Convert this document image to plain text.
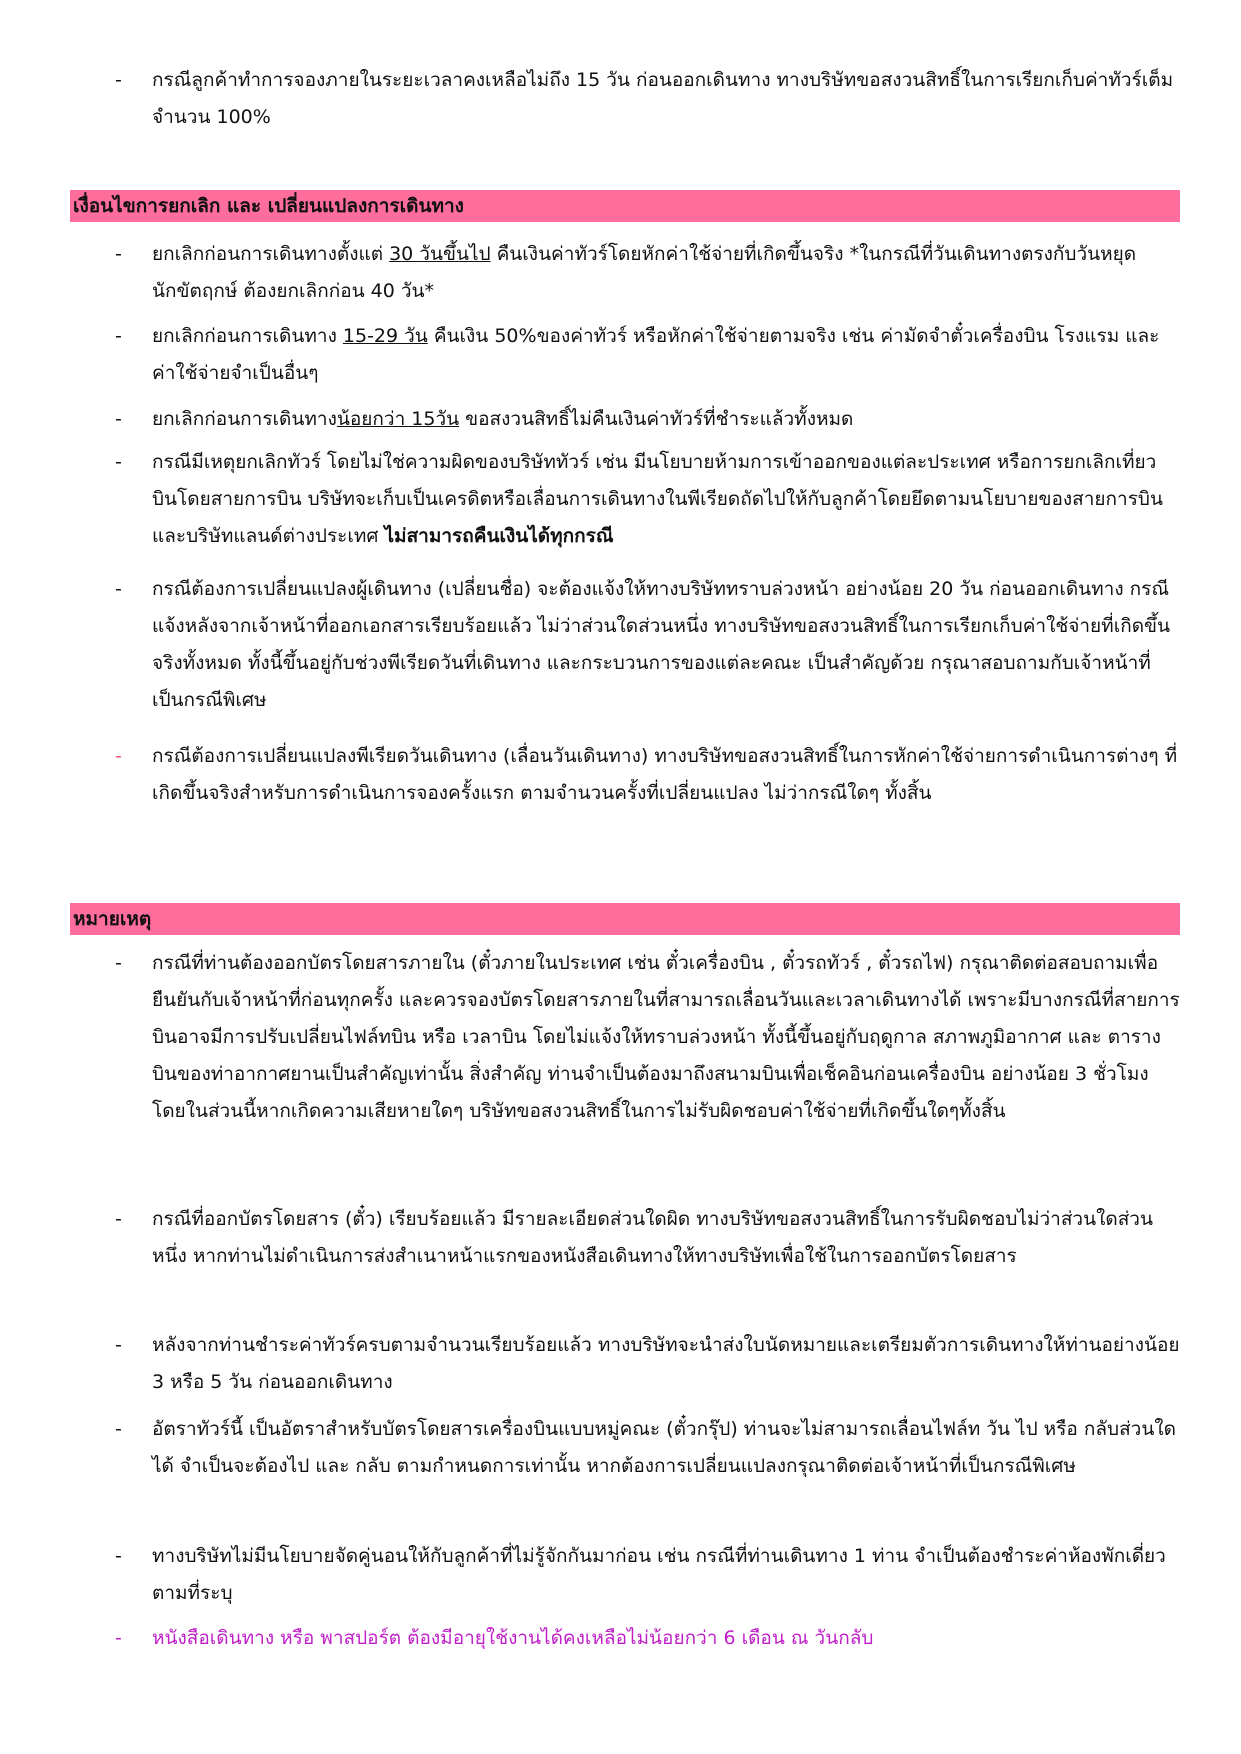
-	กรณีลูกค้าทำการจองภายในระยะเวลาคงเหลือไม่ถึง 15 วัน ก่อนออกเดินทาง ทางบริษัทขอสงวนสิทธิ์ในการเรียกเก็บค่าทัวร์เต็มจำนวน 100%
เงื่อนไขการยกเลิก และ เปลี่ยนแปลงการเดินทาง
-	ยกเลิกก่อนการเดินทางตั้งแต่ 30 วันขึ้นไป คืนเงินค่าทัวร์โดยหักค่าใช้จ่ายที่เกิดขึ้นจริง *ในกรณีที่วันเดินทางตรงกับวันหยุดนักขัตฤกษ์ ต้องยกเลิกก่อน 40 วัน*
-	ยกเลิกก่อนการเดินทาง 15-29 วัน คืนเงิน 50%ของค่าทัวร์ หรือหักค่าใช้จ่ายตามจริง เช่น ค่ามัดจำตั๋วเครื่องบิน โรงแรม และค่าใช้จ่ายจำเป็นอื่นๆ
-	ยกเลิกก่อนการเดินทางน้อยกว่า 15วัน ขอสงวนสิทธิ์ไม่คืนเงินค่าทัวร์ที่ชำระแล้วทั้งหมด
-	กรณีมีเหตุยกเลิกทัวร์ โดยไม่ใช่ความผิดของบริษัททัวร์ เช่น มีนโยบายห้ามการเข้าออกของแต่ละประเทศ หรือการยกเลิกเที่ยวบินโดยสายการบิน บริษัทจะเก็บเป็นเครดิตหรือเลื่อนการเดินทางในพีเรียดถัดไปให้กับลูกค้าโดยยึดตามนโยบายของสายการบินและบริษัทแลนด์ต่างประเทศ ไม่สามารถคืนเงินได้ทุกกรณี
-	กรณีต้องการเปลี่ยนแปลงผู้เดินทาง (เปลี่ยนชื่อ) จะต้องแจ้งให้ทางบริษัททราบล่วงหน้า อย่างน้อย 20 วัน ก่อนออกเดินทาง กรณีแจ้งหลังจากเจ้าหน้าที่ออกเอกสารเรียบร้อยแล้ว ไม่ว่าส่วนใดส่วนหนึ่ง ทางบริษัทขอสงวนสิทธิ์ในการเรียกเก็บค่าใช้จ่ายที่เกิดขึ้นจริงทั้งหมด ทั้งนี้ขึ้นอยู่กับช่วงพีเรียดวันที่เดินทาง และกระบวนการของแต่ละคณะ เป็นสำคัญด้วย กรุณาสอบถามกับเจ้าหน้าที่เป็นกรณีพิเศษ
-	กรณีต้องการเปลี่ยนแปลงพีเรียดวันเดินทาง (เลื่อนวันเดินทาง) ทางบริษัทขอสงวนสิทธิ์ในการหักค่าใช้จ่ายการดำเนินการต่างๆ ที่เกิดขึ้นจริงสำหรับการดำเนินการจองครั้งแรก ตามจำนวนครั้งที่เปลี่ยนแปลง ไม่ว่ากรณีใดๆ ทั้งสิ้น
หมายเหตุ
-	กรณีที่ท่านต้องออกบัตรโดยสารภายใน (ตั๋วภายในประเทศ เช่น ตั๋วเครื่องบิน , ตั๋วรถทัวร์ , ตั๋วรถไฟ) กรุณาติดต่อสอบถามเพื่อยืนยันกับเจ้าหน้าที่ก่อนทุกครั้ง และควรจองบัตรโดยสารภายในที่สามารถเลื่อนวันและเวลาเดินทางได้ เพราะมีบางกรณีที่สายการบินอาจมีการปรับเปลี่ยนไฟล์ทบิน หรือ เวลาบิน โดยไม่แจ้งให้ทราบล่วงหน้า ทั้งนี้ขึ้นอยู่กับฤดูกาล สภาพภูมิอากาศ และ ตารางบินของท่าอากาศยานเป็นสำคัญเท่านั้น สิ่งสำคัญ ท่านจำเป็นต้องมาถึงสนามบินเพื่อเช็คอินก่อนเครื่องบิน อย่างน้อย 3 ชั่วโมง โดยในส่วนนี้หากเกิดความเสียหายใดๆ บริษัทขอสงวนสิทธิ์ในการไม่รับผิดชอบค่าใช้จ่ายที่เกิดขึ้นใดๆทั้งสิ้น
-	กรณีที่ออกบัตรโดยสาร (ตั๋ว) เรียบร้อยแล้ว มีรายละเอียดส่วนใดผิด ทางบริษัทขอสงวนสิทธิ์ในการรับผิดชอบไม่ว่าส่วนใดส่วนหนึ่ง หากท่านไม่ดำเนินการส่งสำเนาหน้าแรกของหนังสือเดินทางให้ทางบริษัทเพื่อใช้ในการออกบัตรโดยสาร
-	หลังจากท่านชำระค่าทัวร์ครบตามจำนวนเรียบร้อยแล้ว ทางบริษัทจะนำส่งใบนัดหมายและเตรียมตัวการเดินทางให้ท่านอย่างน้อย 3 หรือ 5 วัน ก่อนออกเดินทาง
-	อัตราทัวร์นี้ เป็นอัตราสำหรับบัตรโดยสารเครื่องบินแบบหมู่คณะ (ตั๋วกรุ๊ป) ท่านจะไม่สามารถเลื่อนไฟล์ท วัน ไป หรือ กลับส่วนใดได้ จำเป็นจะต้องไป และ กลับ ตามกำหนดการเท่านั้น หากต้องการเปลี่ยนแปลงกรุณาติดต่อเจ้าหน้าที่เป็นกรณีพิเศษ
-	ทางบริษัทไม่มีนโยบายจัดคู่นอนให้กับลูกค้าที่ไม่รู้จักกันมาก่อน เช่น กรณีที่ท่านเดินทาง 1 ท่าน จำเป็นต้องชำระค่าห้องพักเดี่ยวตามที่ระบุ
-	หนังสือเดินทาง หรือ พาสปอร์ต ต้องมีอายุใช้งานได้คงเหลือไม่น้อยกว่า 6 เดือน ณ วันกลับ
